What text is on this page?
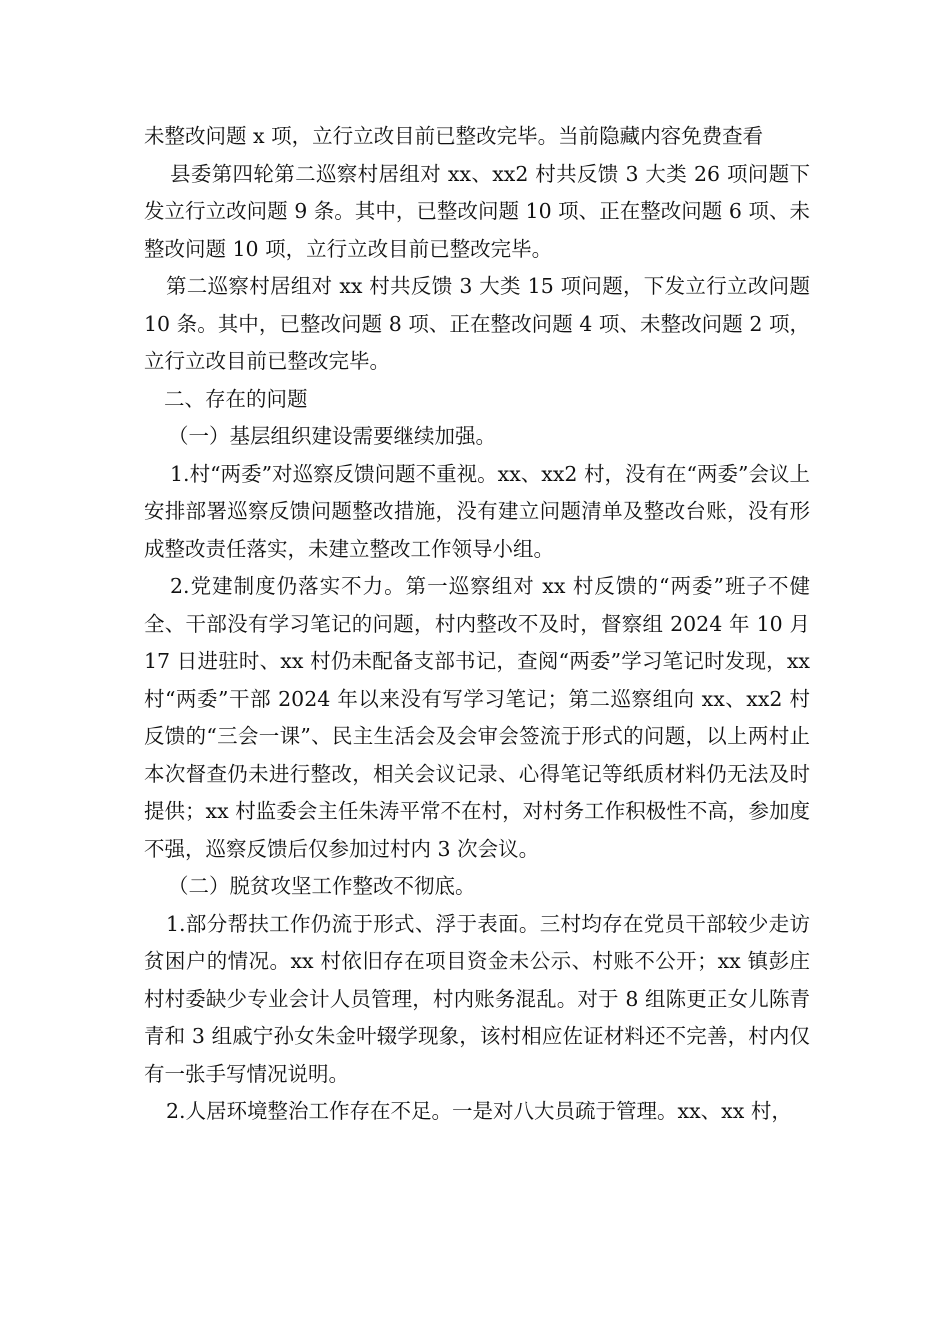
未整改问题 x 项，立行立改目前已整改完毕。当前隐藏内容免费查看

县委第四轮第二巡察村居组对 xx、xx2 村共反馈 3 大类 26 项问题下发立行立改问题 9 条。其中，已整改问题 10 项、正在整改问题 6 项、未整改问题 10 项，立行立改目前已整改完毕。

第二巡察村居组对 xx 村共反馈 3 大类 15 项问题，下发立行立改问题 10 条。其中，已整改问题 8 项、正在整改问题 4 项、未整改问题 2 项，立行立改目前已整改完毕。

二、存在的问题

（一）基层组织建设需要继续加强。

1.村“两委”对巡察反馈问题不重视。xx、xx2 村，没有在“两委”会议上安排部署巡察反馈问题整改措施，没有建立问题清单及整改台账，没有形成整改责任落实，未建立整改工作领导小组。

2.党建制度仍落实不力。第一巡察组对 xx 村反馈的“两委”班子不健全、干部没有学习笔记的问题，村内整改不及时，督察组 2024 年 10 月 17 日进驻时、xx 村仍未配备支部书记，查阅“两委”学习笔记时发现，xx 村“两委”干部 2024 年以来没有写学习笔记；第二巡察组向 xx、xx2 村反馈的“三会一课”、民主生活会及会审会签流于形式的问题，以上两村止本次督查仍未进行整改，相关会议记录、心得笔记等纸质材料仍无法及时提供；xx 村监委会主任朱涛平常不在村，对村务工作积极性不高，参加度不强，巡察反馈后仅参加过村内 3 次会议。

（二）脱贫攻坚工作整改不彻底。

1.部分帮扶工作仍流于形式、浮于表面。三村均存在党员干部较少走访贫困户的情况。xx 村依旧存在项目资金未公示、村账不公开；xx 镇彭庄村村委缺少专业会计人员管理，村内账务混乱。对于 8 组陈更正女儿陈青青和 3 组戚宁孙女朱金叶辍学现象，该村相应佐证材料还不完善，村内仅有一张手写情况说明。

2.人居环境整治工作存在不足。一是对八大员疏于管理。xx、xx 村，
